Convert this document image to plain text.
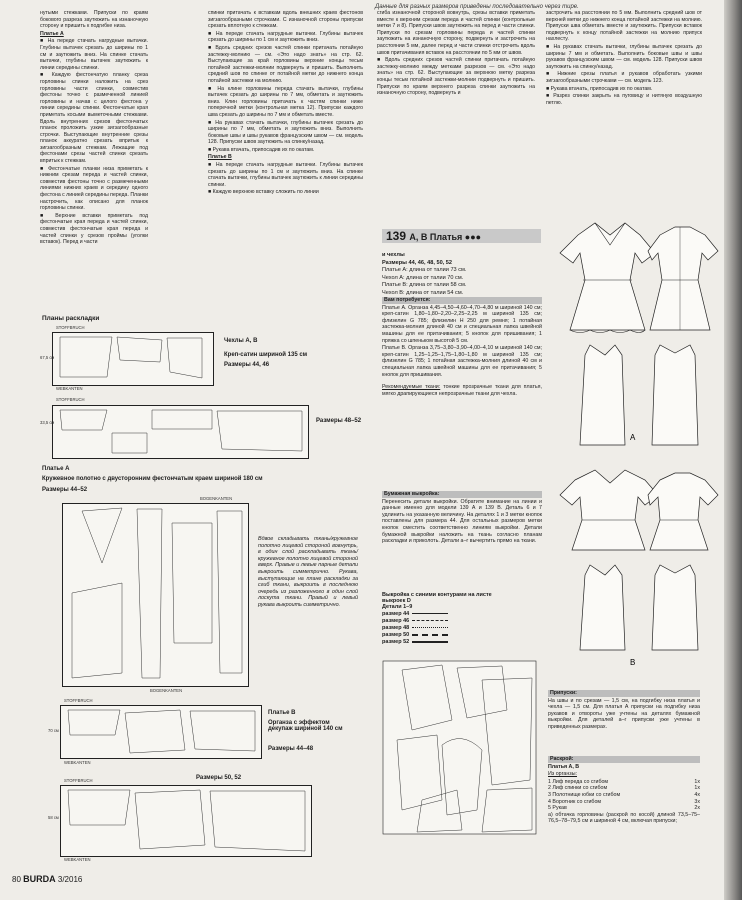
Данные для разных размеров приведены последовательно через тире.

нутыми стежками. Припуски по краям бокового разреза заутюжить на изнаночную сторону и пришить к подгибке низа.

Платье А

■ На переде стачать нагрудные вытачки. Глубины вытачек срезать до ширины по 1 см и заутюжить вниз. На спинке стачать вытачки, глубины вытачек заутюжить к линии середины спинки.

■ Каждую фестончатую планку среза горловины спинки наложить на срез горловины части спинки, совместив фестоны точно с размеченной линией горловины и начав с целого фестона у линии середины спинки. Фестончатые края приметать косыми выметочными стежками. Вдоль внутренних срезов фестончатых планок проложить узкие зигзагообразные строчки. Выступающие внутренние срезы планок аккуратно срезать впритык к зигзагообразным стежкам. Лежащие под фестонами срезы частей спинки срезать впритык к стежкам.

■ Фестончатые планки низа приметать к нижним срезам переда и частей спинки, совместив фестоны точно с размеченными линиями нижних краев и середину одного фестона с линией середины переда. Планки настрочить, как описано для планок горловины спинки.

■ Верхние вставки приметать под фестончатые края переда и частей спинки, совместив фестончатые края переда и частей спинки у срезов проймы (уголки вставок). Перед и части

спинки притачать к вставкам вдоль внешних краев фестонов зигзагообразными строчками. С изнаночной стороны припуски срезать вплотную к стежкам.

■ На переде стачать нагрудные вытачки. Глубины вытачек срезать до ширины по 1 см и заутюжить вниз.

■ Вдоль средних срезов частей спинки притачать потайную застежку-молнию — см. «Это надо знать» на стр. 62. Выступающие за край горловины верхние концы тесьм потайной застежки-молнии подвернуть и пришить. Выполнить средний шов по спинке от потайной метки до нижнего конца потайной застежки на молнию.

■ На клине горловины переда стачать вытачки, глубины вытачек срезать до ширины по 7 мм, обметать и заутюжить вниз. Клин горловины притачать к частям спинки ниже поперечной метки (контрольная метка 12). Припуски каждого шва срезать до ширины по 7 мм и обметать вместе.

■ На рукавах стачать вытачки, глубины вытачек срезать до ширины по 7 мм, обметать и заутюжить вниз. Выполнить боковые швы и швы рукавов французским швом — см. модель 128. Припуски швов заутюжить на спинку/назад.

■ Рукава втачать, припосадив их по окатам.

Платье В

■ На переде стачать нагрудные вытачки. Глубины вытачек срезать до ширины по 1 см и заутюжить вниз. На спинке стачать вытачки, глубины вытачек заутюжить к линии середины спинки.

■ Каждую верхнюю вставку сложить по линии

сгиба изнаночной стороной вовнутрь, срезы вставки приметать вместе к верхним срезам переда и частей спинки (контрольные метки 7 и 8). Припуски швов заутюжить на перед и части спинки. Припуски по срезам горловины переда и частей спинки заутюжить на изнаночную сторону, подвернуть и застрочить на расстоянии 5 мм, далее перед и части спинки отстрочить вдоль швов притачивания вставок на расстоянии по 5 мм от швов.

■ Вдоль средних срезов частей спинки притачать потайную застежку-молнию между метками разрезов — см. «Это надо знать» на стр. 62. Выступающие за верхнюю метку разреза концы тесьм потайной застежки-молнии подвернуть и пришить. Припуски по краям верхнего разреза спинки заутюжить на изнаночную сторону, подвернуть и

застрочить на расстоянии по 5 мм. Выполнить средний шов от верхней метки до нижнего конца потайной застежки на молнию. Припуски шва обметать вместе и заутюжить. Припуски вставок подвернуть к концу потайной застежки на молнию припуск нахлесту.

■ На рукавах стачать вытачки, глубины вытачек срезать до ширины 7 мм и обметать. Выполнить боковые швы и швы рукавов французским швом — см. модель 128. Припуски швов заутюжить на спинку/назад.

■ Нижние срезы платья и рукавов обработать узкими зигзагообразными строчками — см. модель 123.

■ Рукава втачать, припосадив их по окатам.

■ Разрез спинки закрыть на пуговицу и нитяную воздушную петлю.

139 А, В Платья ●●●

и чехлы

Размеры 44, 46, 48, 50, 52

Платье А: длина от талии 73 см.

Чехол А: длина от талии 70 см.

Платье В: длина от талии 58 см.

Чехол В: длина от талии 54 см.

Вам потребуется:

Платье А. Органза 4,45–4,50–4,60–4,70–4,80 м шириной 140 см; креп-сатин 1,80–1,80–2,20–2,25–2,25 м шириной 135 см; флизелин G 785; флизелин Н 250 для ремня; 1 потайная застежка-молния длиной 40 см и специальная лапка швейной машины для ее притачивания; 5 кнопок для пришивания; 1 пряжка со шпеньком высотой 5 см.

Платье В. Органза 3,75–3,80–3,90–4,00–4,10 м шириной 140 см; креп-сатин 1,25–1,25–1,75–1,80–1,80 м шириной 135 см; флизелин G 785; 1 потайная застежка-молния длиной 40 см и специальная лапка швейной машины для ее притачивания; 5 кнопок для пришивания.

Рекомендуемые ткани: тонкие прозрачные ткани для платья, мягко драпирующиеся непрозрачные ткани для чехла.

Бумажная выкройка:

Перенесить детали выкройки. Обратите внимание на линии и данные именно для модели 139 А и 139 В. Деталь 6 и 7 удлинить на указанную величину. На деталях 1 и 3 метки кнопок поставлены для размера 44. Для остальных размеров метки кнопок сместить соответственно линиям выкройки. Детали бумажной выкройки наложить на ткань согласно планам раскладки и приколоть. Детали а–г вычертить прямо на ткани.

Выкройка с синими контурами на листе выкроек D
Детали 1–9
размер 44
размер 46
размер 48
размер 50
размер 52
А
В

Припуски:

На швы и по срезам — 1,5 см, на подгибку низа платья и чехла — 1,5 см. Для платья А припуски на подгибку низа рукавов и отвороты уже учтены на деталях бумажной выкройки. Для деталей а–г припуски уже учтены в приведенных размерах.

Раскрой:

Платья А, В

Из органзы:

1 Лиф переда со сгибом	1х
2 Лиф спинки со сгибом	1х
3 Полотнище юбки со сгибом	4х
4 Воротник со сгибом	3х
5 Рукав	2х

а) обтачка горловины (раскрой по косой) длиной 73,5–75–76,5–78–79,5 см и шириной 4 см, включая припуски;

Планы раскладки
STOFFBRUCH
WEBKANTEN
67,5 см
Чехлы А, В
Креп-сатин шириной 135 см
Размеры 44, 46
STOFFBRUCH
33,5 см	Размеры 48–52
Платье А
Кружевное полотно с двусторонним фестончатым краем шириной 180 см
Размеры 44–52
BOGENKANTEN
BOGENKANTEN
Вдвое складывать ткань/кружевное полотно лицевой стороной вовнутрь, в один слой раскладывать ткань/кружевное полотно лицевой стороной вверх. Правые и левые парные детали выкроить симметрично. Рукава, выступающие на плане раскладки за сгиб ткани, выкроить в последнюю очередь из разложенного в один слой лоскута ткани. Правый и левый рукава выкроить симметрично.
STOFFBRUCH
WEBKANTEN
70 см
Платье В
Органза с эффектом декупаж шириной 140 см
Размеры 44–48
STOFFBRUCH
WEBKANTEN
58 см
Размеры 50, 52
80 BURDA 3/2016
